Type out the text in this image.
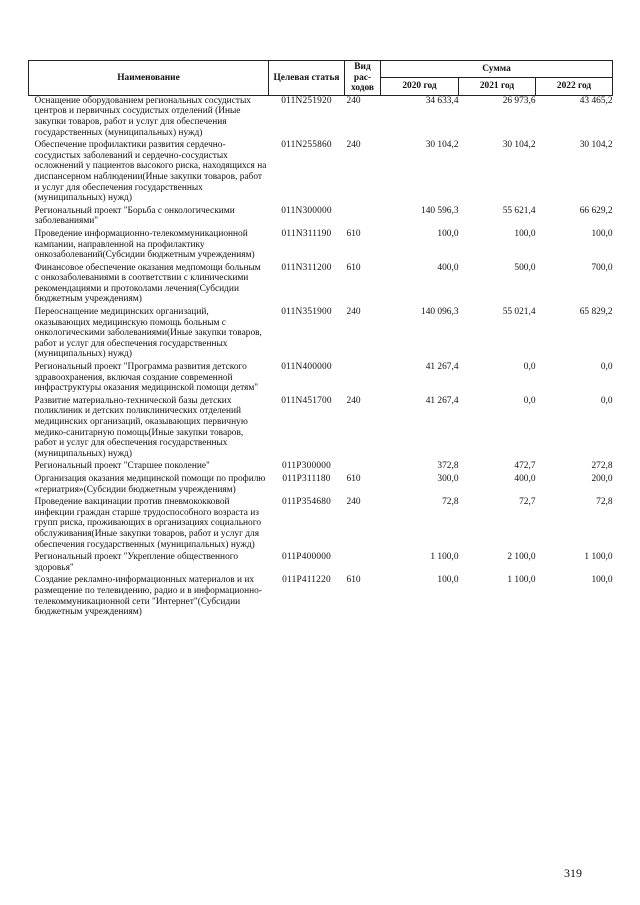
Наименование	Целевая статья	Вид рас-ходов	Сумма		
			2020 год	2021 год	2022 год
Оснащение оборудованием региональных сосудистых центров и первичных сосудистых отделений (Иные закупки товаров, работ и услуг для обеспечения государственных (муниципальных) нужд)	011N251920	240	34 633,4	26 973,6	43 465,2
Обеспечение профилактики развития сердечно-сосудистых заболеваний и сердечно-сосудистых осложнений у пациентов высокого риска, находящихся на диспансерном наблюдении(Иные закупки товаров, работ и услуг для обеспечения государственных (муниципальных) нужд)	011N255860	240	30 104,2	30 104,2	30 104,2
Региональный проект "Борьба с онкологическими заболеваниями"	011N300000		140 596,3	55 621,4	66 629,2
Проведение информационно-телекоммуникационной кампании, направленной на профилактику онкозаболеваний(Субсидии бюджетным учреждениям)	011N311190	610	100,0	100,0	100,0
Финансовое обеспечение оказания медпомощи больным с онкозаболеваниями в соответствии с клиническими рекомендациями и протоколами лечения(Субсидии бюджетным учреждениям)	011N311200	610	400,0	500,0	700,0
Переоснащение медицинских организаций, оказывающих медицинскую помощь больным с онкологическими заболеваниями(Иные закупки товаров, работ и услуг для обеспечения государственных (муниципальных) нужд)	011N351900	240	140 096,3	55 021,4	65 829,2
Региональный проект "Программа развития детского здравоохранения, включая создание современной инфраструктуры оказания медицинской помощи детям"	011N400000		41 267,4	0,0	0,0
Развитие материально-технической базы детских поликлиник и детских поликлинических отделений медицинских организаций, оказывающих первичную медико-санитарную помощь(Иные закупки товаров, работ и услуг для обеспечения государственных (муниципальных) нужд)	011N451700	240	41 267,4	0,0	0,0
Региональный проект "Старшее поколение"	011P300000		372,8	472,7	272,8
Организация оказания медицинской помощи по профилю «гериатрия»(Субсидии бюджетным учреждениям)	011P311180	610	300,0	400,0	200,0
Проведение вакцинации против пневмококковой инфекции граждан старше трудоспособного возраста из групп риска, проживающих в организациях социального обслуживания(Иные закупки товаров, работ и услуг для обеспечения государственных (муниципальных) нужд)	011P354680	240	72,8	72,7	72,8
Региональный проект "Укрепление общественного здоровья"	011P400000		1 100,0	2 100,0	1 100,0
Создание рекламно-информационных материалов и их размещение по телевидению, радио и в информационно-телекоммуникационной сети "Интернет"(Субсидии бюджетным учреждениям)	011P411220	610	100,0	1 100,0	100,0
319
